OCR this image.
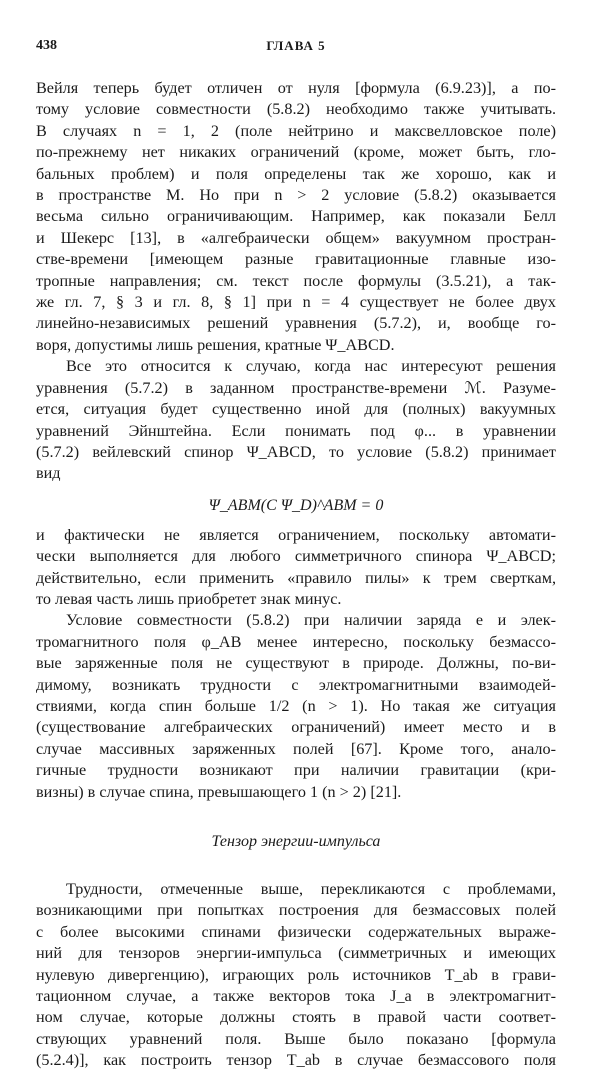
438	ГЛАВА 5
Вейля теперь будет отличен от нуля [формула (6.9.23)], а по-
тому условие совместности (5.8.2) необходимо также учитывать.
В случаях n = 1, 2 (поле нейтрино и максвелловское поле)
по-прежнему нет никаких ограничений (кроме, может быть, гло-
бальных проблем) и поля определены так же хорошо, как и
в пространстве M. Но при n > 2 условие (5.8.2) оказывается
весьма сильно ограничивающим. Например, как показали Белл
и Шекерс [13], в «алгебраически общем» вакуумном простран-
стве-времени [имеющем разные гравитационные главные изо-
тропные направления; см. текст после формулы (3.5.21), а так-
же гл. 7, § 3 и гл. 8, § 1] при n = 4 существует не более двух
линейно-независимых решений уравнения (5.7.2), и, вообще го-
воря, допустимы лишь решения, кратные Ψ_ABCD.
Все это относится к случаю, когда нас интересуют решения
уравнения (5.7.2) в заданном пространстве-времени ℳ. Разуме-
ется, ситуация будет существенно иной для (полных) вакуумных
уравнений Эйнштейна. Если понимать под φ... в уравнении
(5.7.2) вейлевский спинор Ψ_ABCD, то условие (5.8.2) принимает
вид
Ψ_ABM(C Ψ_D)^ABM = 0
и фактически не является ограничением, поскольку автомати-
чески выполняется для любого симметричного спинора Ψ_ABCD;
действительно, если применить «правило пилы» к трем сверткам,
то левая часть лишь приобретет знак минус.
Условие совместности (5.8.2) при наличии заряда e и элек-
тромагнитного поля φ_AB менее интересно, поскольку безмассо-
вые заряженные поля не существуют в природе. Должны, по-ви-
димому, возникать трудности с электромагнитными взаимодей-
ствиями, когда спин больше 1/2 (n > 1). Но такая же ситуация
(существование алгебраических ограничений) имеет место и в
случае массивных заряженных полей [67]. Кроме того, анало-
гичные трудности возникают при наличии гравитации (кри-
визны) в случае спина, превышающего 1 (n > 2) [21].
Тензор энергии-импульса
Трудности, отмеченные выше, перекликаются с проблемами,
возникающими при попытках построения для безмассовых полей
с более высокими спинами физически содержательных выраже-
ний для тензоров энергии-импульса (симметричных и имеющих
нулевую дивергенцию), играющих роль источников T_ab в грави-
тационном случае, а также векторов тока J_a в электромагнит-
ном случае, которые должны стоять в правой части соответ-
ствующих уравнений поля. Выше было показано [формула
(5.2.4)], как построить тензор T_ab в случае безмассового поля
